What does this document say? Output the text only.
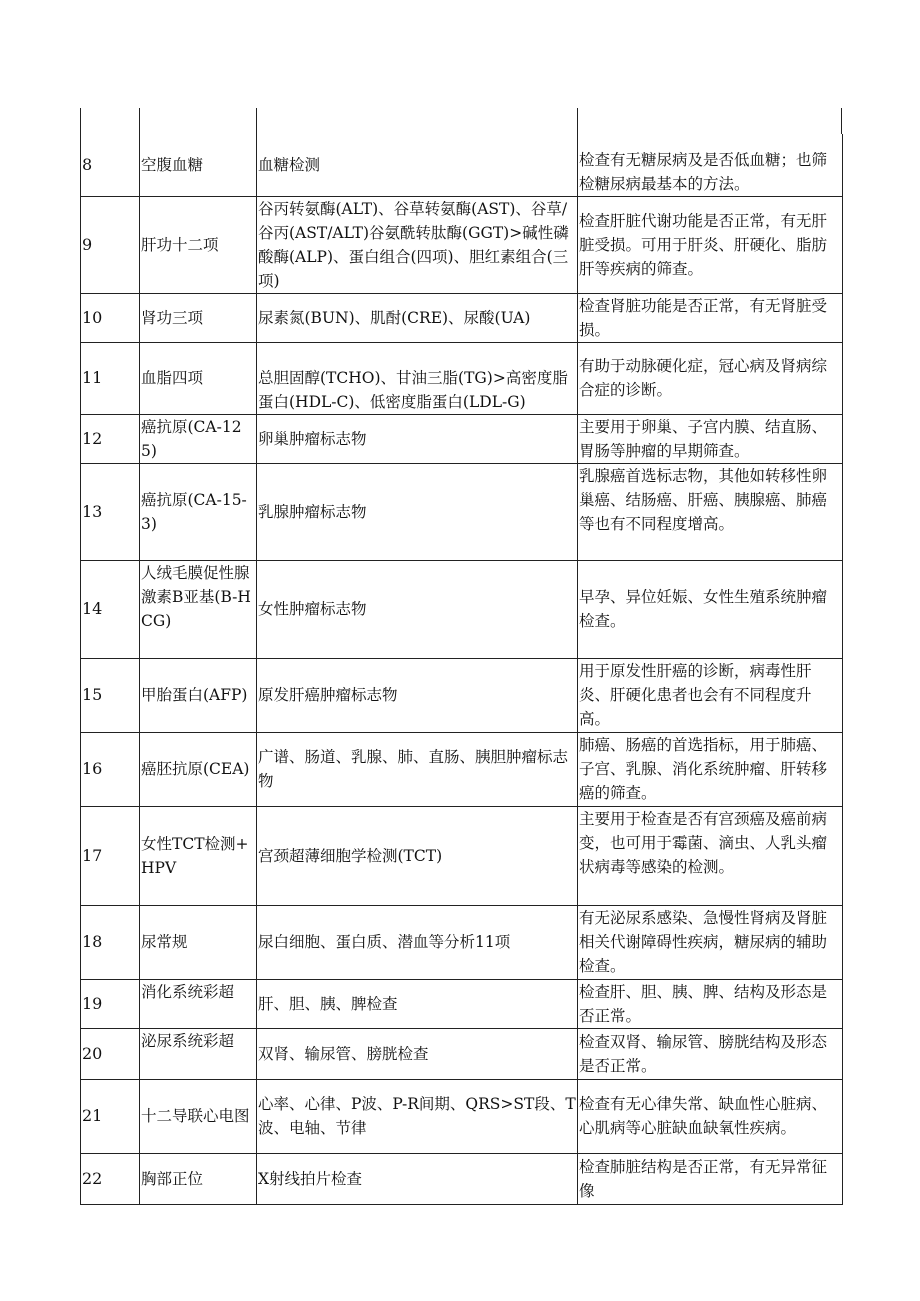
8	空腹血糖	血糖检测	检查有无糖尿病及是否低血糖；也筛检糖尿病最基本的方法。
9	肝功十二项	谷丙转氨酶(ALT)、谷草转氨酶(AST)、谷草/谷丙(AST/ALT)谷氨酰转肽酶(GGT)>碱性磷酸酶(ALP)、蛋白组合(四项)、胆红素组合(三项)	检查肝脏代谢功能是否正常，有无肝脏受损。可用于肝炎、肝硬化、脂肪肝等疾病的筛查。
10	肾功三项	尿素氮(BUN)、肌酎(CRE)、尿酸(UA)	检查肾脏功能是否正常，有无肾脏受损。
11	血脂四项	总胆固醇(TCHO)、甘油三脂(TG)>高密度脂蛋白(HDL-C)、低密度脂蛋白(LDL-G)	有助于动脉硬化症，冠心病及肾病综合症的诊断。
12	癌抗原(CA-125)	卵巢肿瘤标志物	主要用于卵巢、子宫内膜、结直肠、胃肠等肿瘤的早期筛查。
13	癌抗原(CA-15-3)	乳腺肿瘤标志物	乳腺癌首选标志物，其他如转移性卵巢癌、结肠癌、肝癌、胰腺癌、肺癌等也有不同程度增高。
14	人绒毛膜促性腺激素B亚基(B-HCG)	女性肿瘤标志物	早孕、异位妊娠、女性生殖系统肿瘤检查。
15	甲胎蛋白(AFP)	原发肝癌肿瘤标志物	用于原发性肝癌的诊断，病毒性肝炎、肝硬化患者也会有不同程度升高。
16	癌胚抗原(CEA)	广谱、肠道、乳腺、肺、直肠、胰胆肿瘤标志物	肺癌、肠癌的首选指标，用于肺癌、子宫、乳腺、消化系统肿瘤、肝转移癌的筛查。
17	女性TCT检测+HPV	宫颈超薄细胞学检测(TCT)	主要用于检查是否有宫颈癌及癌前病变，也可用于霉菌、滴虫、人乳头瘤状病毒等感染的检测。
18	尿常规	尿白细胞、蛋白质、潜血等分析11项	有无泌尿系感染、急慢性肾病及肾脏相关代谢障碍性疾病，糖尿病的辅助检查。
19	消化系统彩超	肝、胆、胰、脾检查	检查肝、胆、胰、脾、结构及形态是否正常。
20	泌尿系统彩超	双肾、输尿管、膀胱检查	检查双肾、输尿管、膀胱结构及形态是否正常。
21	十二导联心电图	心率、心律、P波、P-R间期、QRS>ST段、T波、电轴、节律	检查有无心律失常、缺血性心脏病、心肌病等心脏缺血缺氧性疾病。
22	胸部正位	X射线拍片检查	检查肺脏结构是否正常，有无异常征像
